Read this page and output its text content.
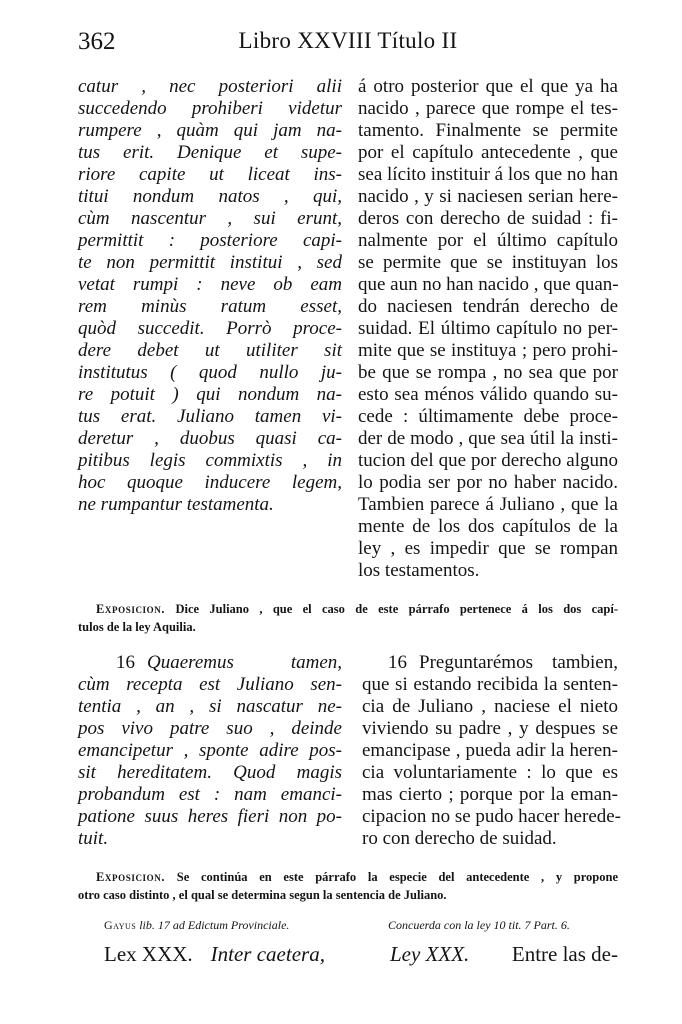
362	Libro XXVIII Título II
catur , nec posteriori alii
succedendo prohiberi videtur
rumpere , quàm qui jam na-
tus erit. Denique et supe-
riore capite ut liceat ins-
titui nondum natos , qui,
cùm nascentur , sui erunt,
permittit : posteriore capi-
te non permittit institui , sed
vetat rumpi : neve ob eam
rem minùs ratum esset,
quòd succedit. Porrò proce-
dere debet ut utiliter sit
institutus ( quod nullo ju-
re potuit ) qui nondum na-
tus erat. Juliano tamen vi-
deretur , duobus quasi ca-
pitibus legis commixtis , in
hoc quoque inducere legem,
ne rumpantur testamenta.
á otro posterior que el que ya ha
nacido , parece que rompe el tes-
tamento. Finalmente se permite
por el capítulo antecedente , que
sea lícito instituir á los que no han
nacido , y si naciesen serian here-
deros con derecho de suidad : fi-
nalmente por el último capítulo
se permite que se instituyan los
que aun no han nacido , que quan-
do naciesen tendrán derecho de
suidad. El último capítulo no per-
mite que se instituya ; pero prohi-
be que se rompa , no sea que por
esto sea ménos válido quando su-
cede : últimamente debe proce-
der de modo , que sea útil la insti-
tucion del que por derecho alguno
lo podia ser por no haber nacido.
Tambien parece á Juliano , que la
mente de los dos capítulos de la
ley , es impedir que se rompan
los testamentos.
Exposicion. Dice Juliano , que el caso de este párrafo pertenece á los dos capí-
tulos de la ley Aquilia.
16 Quaeremus tamen,
cùm recepta est Juliano sen-
tentia , an , si nascatur ne-
pos vivo patre suo , deinde
emancipetur , sponte adire pos-
sit hereditatem. Quod magis
probandum est : nam emanci-
patione suus heres fieri non po-
tuit.
16 Preguntarémos tambien,
que si estando recibida la senten-
cia de Juliano , naciese el nieto
viviendo su padre , y despues se
emancipase , pueda adir la heren-
cia voluntariamente : lo que es
mas cierto ; porque por la eman-
cipacion no se pudo hacer herede-
ro con derecho de suidad.
Exposicion. Se continúa en este párrafo la especie del antecedente , y propone
otro caso distinto , el qual se determina segun la sentencia de Juliano.
Gayus lib. 17 ad Edictum Provinciale.	Concuerda con la ley 10 tit. 7 Part. 6.
Lex XXX. Inter caetera,	Ley XXX. Entre las de-
